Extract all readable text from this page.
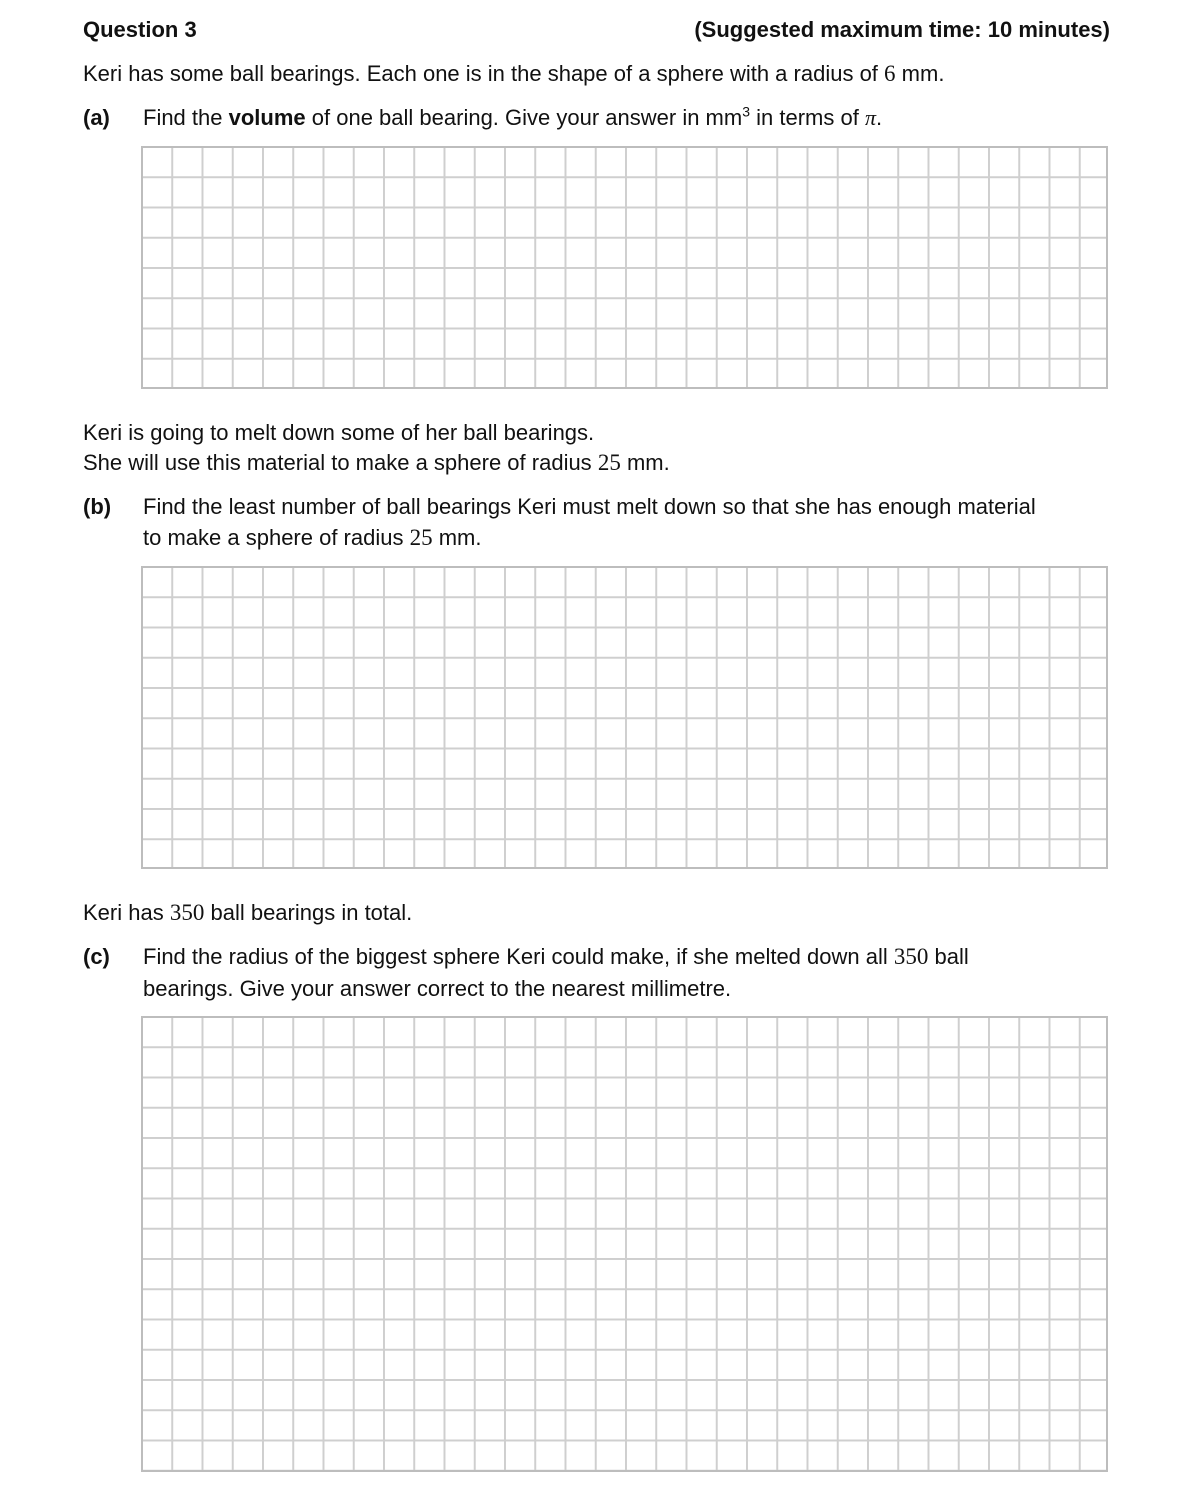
Question 3	(Suggested maximum time: 10 minutes)
Keri has some ball bearings. Each one is in the shape of a sphere with a radius of 6 mm.
(a) Find the volume of one ball bearing. Give your answer in $mm^3$ in terms of π.
Keri is going to melt down some of her ball bearings.
She will use this material to make a sphere of radius 25 mm.
(b) Find the least number of ball bearings Keri must melt down so that she has enough material
to make a sphere of radius 25 mm.
Keri has 350 ball bearings in total.
(c) Find the radius of the biggest sphere Keri could make, if she melted down all 350 ball
bearings. Give your answer correct to the nearest millimetre.
